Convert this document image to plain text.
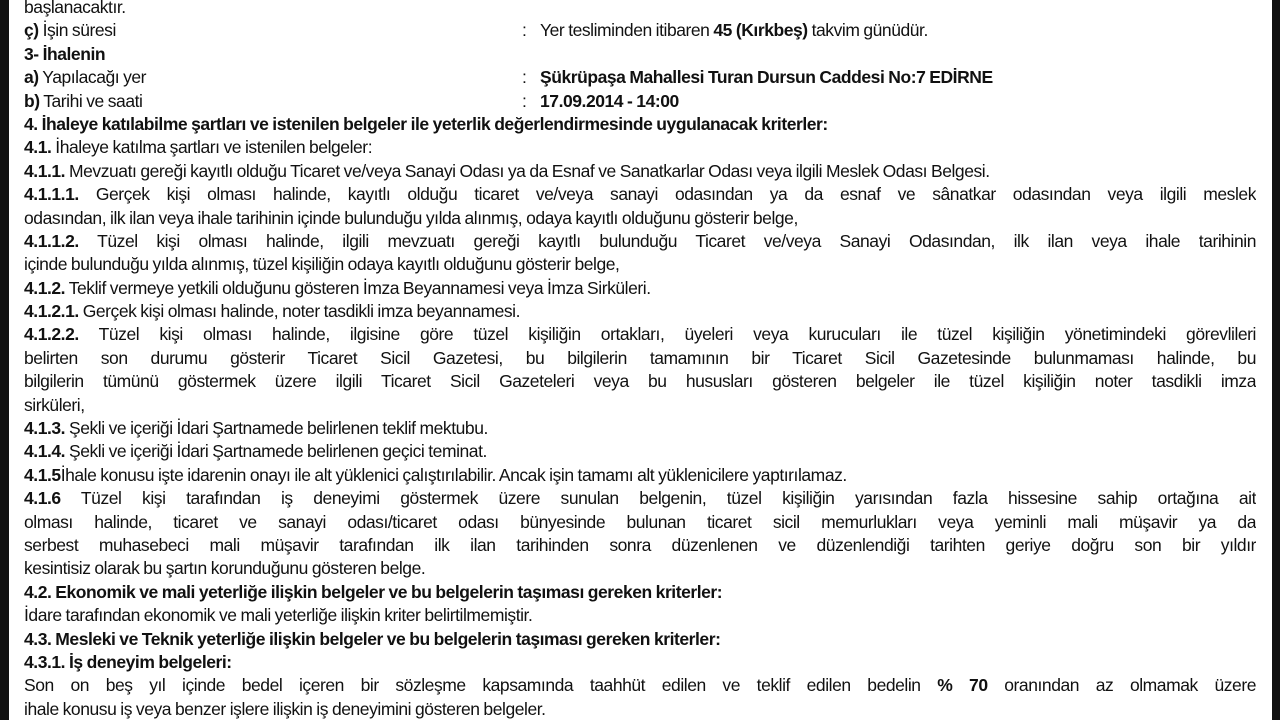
başlanacaktır.
ç) İşin süresi	: Yer tesliminden itibaren 45 (Kırkbeş) takvim günüdür.
3- İhalenin
a) Yapılacağı yer	: Şükrüpaşa Mahallesi Turan Dursun Caddesi No:7 EDİRNE
b) Tarihi ve saati	: 17.09.2014 - 14:00
4. İhaleye katılabilme şartları ve istenilen belgeler ile yeterlik değerlendirmesinde uygulanacak kriterler:
4.1. İhaleye katılma şartları ve istenilen belgeler:
4.1.1. Mevzuatı gereği kayıtlı olduğu Ticaret ve/veya Sanayi Odası ya da Esnaf ve Sanatkarlar Odası veya ilgili Meslek Odası Belgesi.
4.1.1.1. Gerçek kişi olması halinde, kayıtlı olduğu ticaret ve/veya sanayi odasından ya da esnaf ve sânatkar odasından veya ilgili meslek
odasından, ilk ilan veya ihale tarihinin içinde bulunduğu yılda alınmış, odaya kayıtlı olduğunu gösterir belge,
4.1.1.2. Tüzel kişi olması halinde, ilgili mevzuatı gereği kayıtlı bulunduğu Ticaret ve/veya Sanayi Odasından, ilk ilan veya ihale tarihinin
içinde bulunduğu yılda alınmış, tüzel kişiliğin odaya kayıtlı olduğunu gösterir belge,
4.1.2. Teklif vermeye yetkili olduğunu gösteren İmza Beyannamesi veya İmza Sirküleri.
4.1.2.1. Gerçek kişi olması halinde, noter tasdikli imza beyannamesi.
4.1.2.2. Tüzel kişi olması halinde, ilgisine göre tüzel kişiliğin ortakları, üyeleri veya kurucuları ile tüzel kişiliğin yönetimindeki görevlileri
belirten son durumu gösterir Ticaret Sicil Gazetesi, bu bilgilerin tamamının bir Ticaret Sicil Gazetesinde bulunmaması halinde, bu
bilgilerin tümünü göstermek üzere ilgili Ticaret Sicil Gazeteleri veya bu hususları gösteren belgeler ile tüzel kişiliğin noter tasdikli imza
sirküleri,
4.1.3. Şekli ve içeriği İdari Şartnamede belirlenen teklif mektubu.
4.1.4. Şekli ve içeriği İdari Şartnamede belirlenen geçici teminat.
4.1.5İhale konusu işte idarenin onayı ile alt yüklenici çalıştırılabilir. Ancak işin tamamı alt yüklenicilere yaptırılamaz.
4.1.6 Tüzel kişi tarafından iş deneyimi göstermek üzere sunulan belgenin, tüzel kişiliğin yarısından fazla hissesine sahip ortağına ait
olması halinde, ticaret ve sanayi odası/ticaret odası bünyesinde bulunan ticaret sicil memurlukları veya yeminli mali müşavir ya da
serbest muhasebeci mali müşavir tarafından ilk ilan tarihinden sonra düzenlenen ve düzenlendiği tarihten geriye doğru son bir yıldır
kesintisiz olarak bu şartın korunduğunu gösteren belge.
4.2. Ekonomik ve mali yeterliğe ilişkin belgeler ve bu belgelerin taşıması gereken kriterler:
İdare tarafından ekonomik ve mali yeterliğe ilişkin kriter belirtilmemiştir.
4.3. Mesleki ve Teknik yeterliğe ilişkin belgeler ve bu belgelerin taşıması gereken kriterler:
4.3.1. İş deneyim belgeleri:
Son on beş yıl içinde bedel içeren bir sözleşme kapsamında taahhüt edilen ve teklif edilen bedelin % 70 oranından az olmamak üzere
ihale konusu iş veya benzer işlere ilişkin iş deneyimini gösteren belgeler.
